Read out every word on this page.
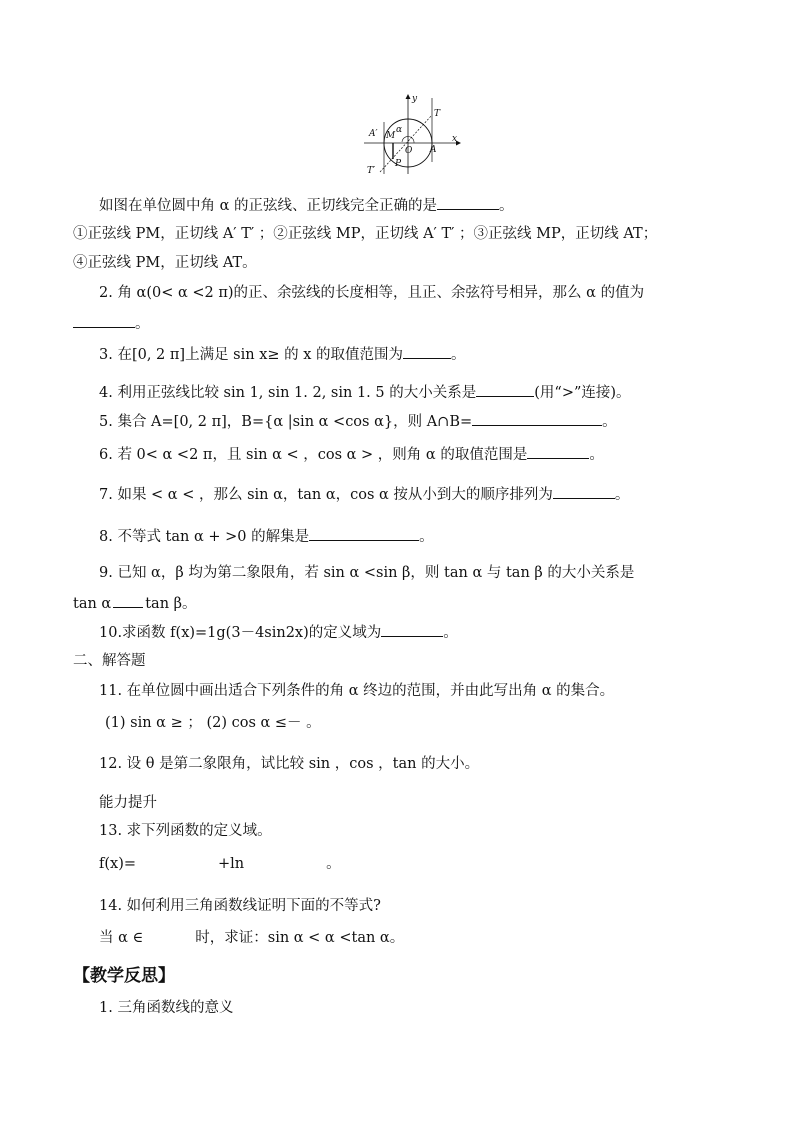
y
x
T
A′ M
α
O A
T′
P
如图在单位圆中角 α 的正弦线、正切线完全正确的是	。
①正弦线 PM，正切线 A′ T′ ；②正弦线 MP，正切线 A′ T′ ；③正弦线 MP，正切线 AT；
④正弦线 PM，正切线 AT。
2. 角 α(0< α <2 π)的正、余弦线的长度相等，且正、余弦符号相异，那么 α 的值为
。
3. 在[0, 2 π]上满足 sin x≥ 的 x 的取值范围为	。
4. 利用正弦线比较 sin 1, sin 1. 2, sin 1. 5 的大小关系是	(用“>”连接)。
5. 集合 A=[0, 2 π]，B={α |sin α <cos α}，则 A∩B=	。
6. 若 0< α <2 π，且 sin α < ，cos α > ，则角 α 的取值范围是	。
7. 如果 < α < ，那么 sin α，tan α，cos α 按从小到大的顺序排列为	。
8. 不等式 tan α + >0 的解集是	。
9. 已知 α，β 均为第二象限角，若 sin α <sin β，则 tan α 与 tan β 的大小关系是
tan α tan β。
10.求函数 f(x)=1g(3－4sin2x)的定义域为	。
二、解答题
11. 在单位圆中画出适合下列条件的角 α 终边的范围，并由此写出角 α 的集合。
(1) sin α ≥ ； (2) cos α ≤－ 。
12. 设 θ 是第二象限角，试比较 sin ，cos ，tan 的大小。
能力提升
13. 求下列函数的定义域。
f(x)=	+ln	。
14. 如何利用三角函数线证明下面的不等式?
当 α ∈	时，求证：sin α < α <tan α。
【教学反思】
1. 三角函数线的意义
